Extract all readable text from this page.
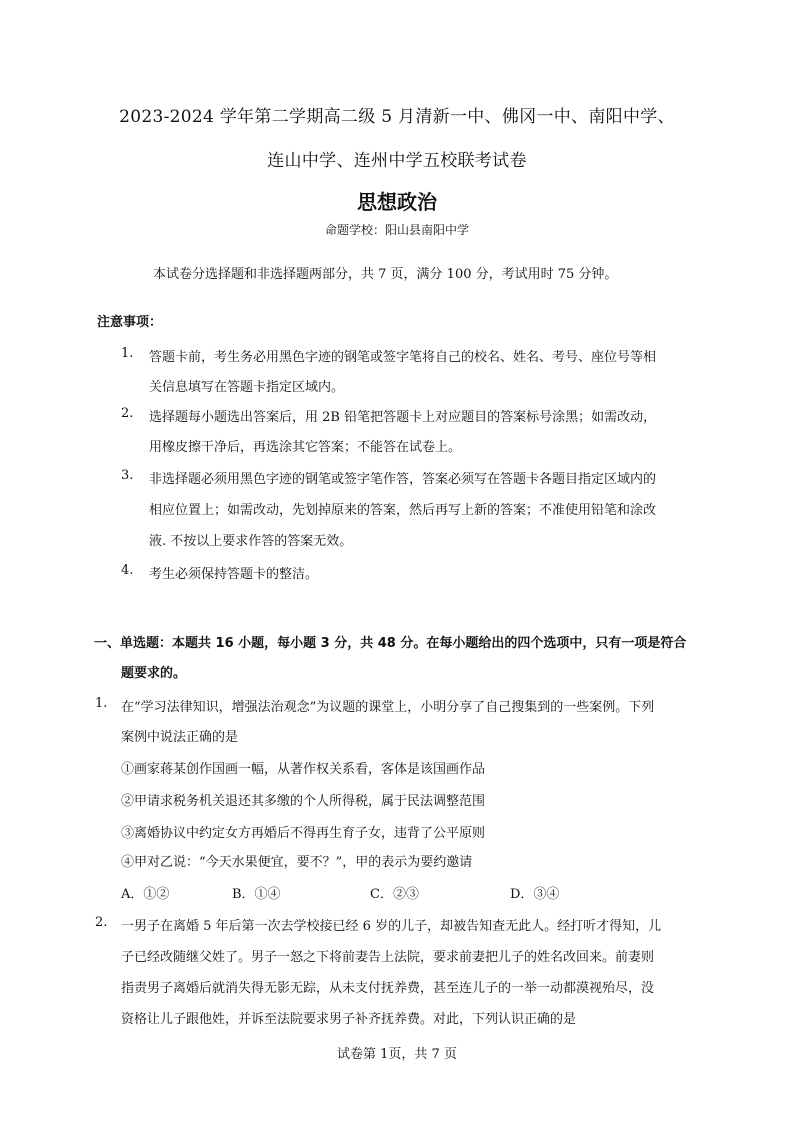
2023-2024 学年第二学期高二级 5 月清新一中、佛冈一中、南阳中学、
连山中学、连州中学五校联考试卷
思想政治
命题学校：阳山县南阳中学
本试卷分选择题和非选择题两部分，共 7 页，满分 100 分，考试用时 75 分钟。
注意事项：
1. 答题卡前，考生务必用黑色字迹的钢笔或签字笔将自己的校名、姓名、考号、座位号等相
关信息填写在答题卡指定区域内。
2. 选择题每小题选出答案后，用 2B 铅笔把答题卡上对应题目的答案标号涂黑；如需改动，
用橡皮擦干净后，再选涂其它答案；不能答在试卷上。
3. 非选择题必须用黑色字迹的钢笔或签字笔作答，答案必须写在答题卡各题目指定区域内的
相应位置上；如需改动，先划掉原来的答案，然后再写上新的答案；不准使用铅笔和涂改
液. 不按以上要求作答的答案无效。
4. 考生必须保持答题卡的整洁。
一、单选题：本题共 16 小题，每小题 3 分，共 48 分。在每小题给出的四个选项中，只有一项是符合
题要求的。
1. 在“学习法律知识，增强法治观念”为议题的课堂上，小明分享了自己搜集到的一些案例。下列
案例中说法正确的是
①画家蒋某创作国画一幅，从著作权关系看，客体是该国画作品
②甲请求税务机关退还其多缴的个人所得税，属于民法调整范围
③离婚协议中约定女方再婚后不得再生育子女，违背了公平原则
④甲对乙说：“今天水果便宜，要不？”，甲的表示为要约邀请
A．①②	B．①④	C．②③	D．③④
2. 一男子在离婚 5 年后第一次去学校接已经 6 岁的儿子，却被告知查无此人。经打听才得知，儿
子已经改随继父姓了。男子一怒之下将前妻告上法院，要求前妻把儿子的姓名改回来。前妻则
指责男子离婚后就消失得无影无踪，从未支付抚养费，甚至连儿子的一举一动都漠视殆尽，没
资格让儿子跟他姓，并诉至法院要求男子补齐抚养费。对此，下列认识正确的是
试卷第 1页，共 7 页
